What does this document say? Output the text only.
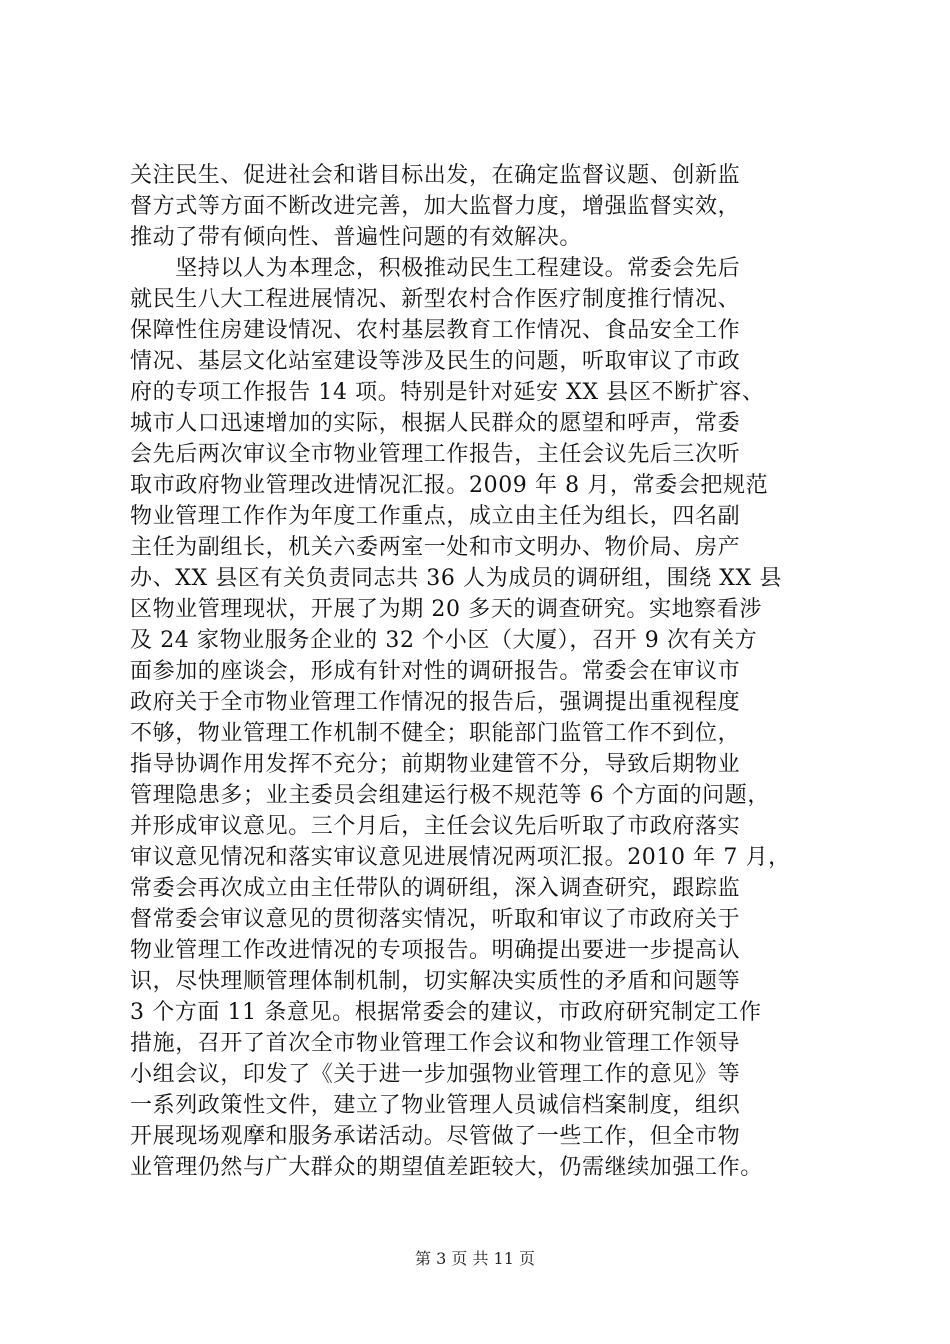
关注民生、促进社会和谐目标出发，在确定监督议题、创新监
督方式等方面不断改进完善，加大监督力度，增强监督实效，
推动了带有倾向性、普遍性问题的有效解决。
　　坚持以人为本理念，积极推动民生工程建设。常委会先后
就民生八大工程进展情况、新型农村合作医疗制度推行情况、
保障性住房建设情况、农村基层教育工作情况、食品安全工作
情况、基层文化站室建设等涉及民生的问题，听取审议了市政
府的专项工作报告 14 项。特别是针对延安 XX 县区不断扩容、
城市人口迅速增加的实际，根据人民群众的愿望和呼声，常委
会先后两次审议全市物业管理工作报告，主任会议先后三次听
取市政府物业管理改进情况汇报。2009 年 8 月，常委会把规范
物业管理工作作为年度工作重点，成立由主任为组长，四名副
主任为副组长，机关六委两室一处和市文明办、物价局、房产
办、XX 县区有关负责同志共 36 人为成员的调研组，围绕 XX 县
区物业管理现状，开展了为期 20 多天的调查研究。实地察看涉
及 24 家物业服务企业的 32 个小区（大厦），召开 9 次有关方
面参加的座谈会，形成有针对性的调研报告。常委会在审议市
政府关于全市物业管理工作情况的报告后，强调提出重视程度
不够，物业管理工作机制不健全；职能部门监管工作不到位，
指导协调作用发挥不充分；前期物业建管不分，导致后期物业
管理隐患多；业主委员会组建运行极不规范等 6 个方面的问题，
并形成审议意见。三个月后，主任会议先后听取了市政府落实
审议意见情况和落实审议意见进展情况两项汇报。2010 年 7 月，
常委会再次成立由主任带队的调研组，深入调查研究，跟踪监
督常委会审议意见的贯彻落实情况，听取和审议了市政府关于
物业管理工作改进情况的专项报告。明确提出要进一步提高认
识，尽快理顺管理体制机制，切实解决实质性的矛盾和问题等
3 个方面 11 条意见。根据常委会的建议，市政府研究制定工作
措施，召开了首次全市物业管理工作会议和物业管理工作领导
小组会议，印发了《关于进一步加强物业管理工作的意见》等
一系列政策性文件，建立了物业管理人员诚信档案制度，组织
开展现场观摩和服务承诺活动。尽管做了一些工作，但全市物
业管理仍然与广大群众的期望值差距较大，仍需继续加强工作。
第 3 页 共 11 页
